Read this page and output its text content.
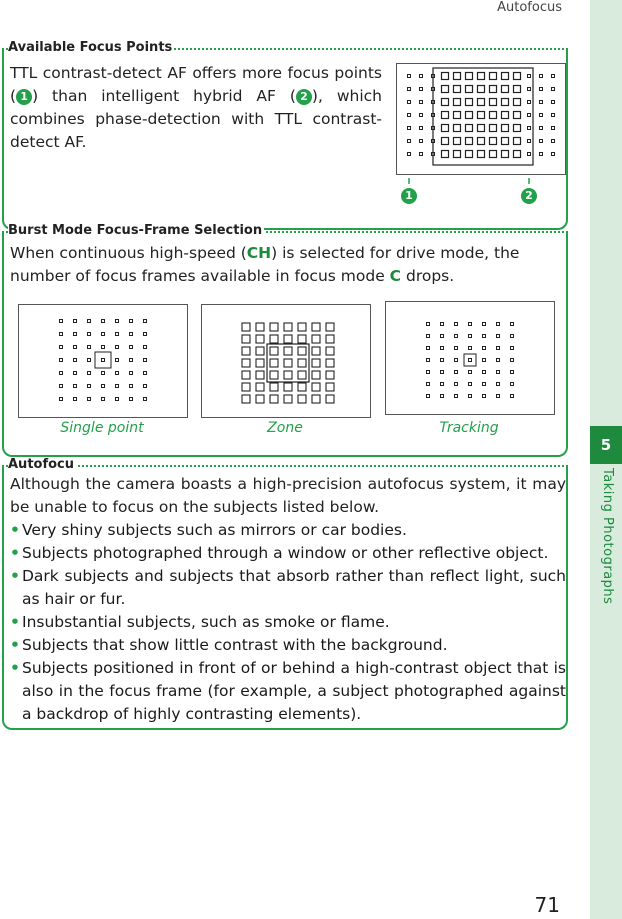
Autofocus
5
Taking Photographs
Available Focus Points
TTL contrast-detect AF offers more focus points ( 1 ) than intelligent hybrid AF ( 2 ), which combines phase-detection with TTL contrast-detect AF.
1	2
Burst Mode Focus-Frame Selection
When continuous high-speed (CH) is selected for drive mode, the number of focus frames available in focus mode C drops.
Single point	Zone	Tracking
Autofocu
Although the camera boasts a high-precision autofocus system, it may be unable to focus on the subjects listed below.
• Very shiny subjects such as mirrors or car bodies.
• Subjects photographed through a window or other reflective object.
• Dark subjects and subjects that absorb rather than reflect light, such as hair or fur.
• Insubstantial subjects, such as smoke or flame.
• Subjects that show little contrast with the background.
• Subjects positioned in front of or behind a high-contrast object that is also in the focus frame (for example, a subject photographed against a backdrop of highly contrasting elements).
71
